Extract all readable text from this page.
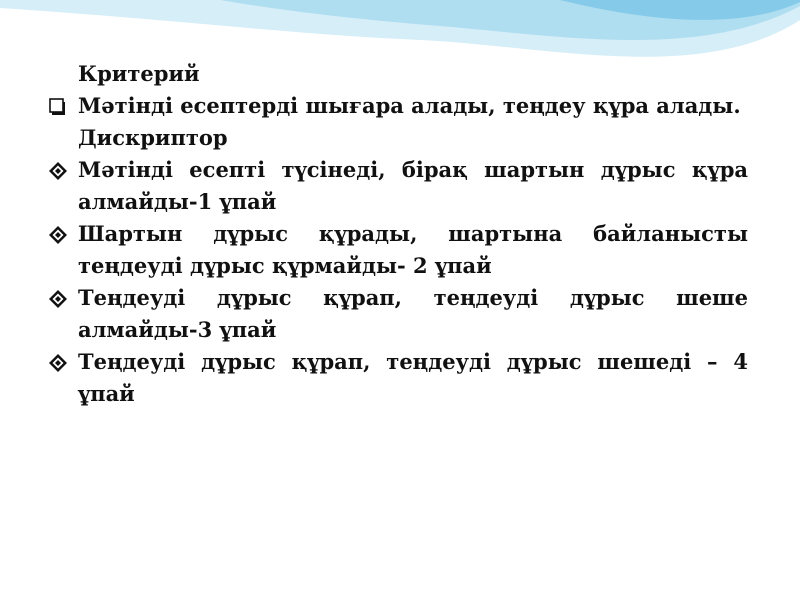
Критерий

Мәтінді есептерді шығара алады, теңдеу құра алады.

Дискриптор

Мәтінді есепті түсінеді, бірақ шартын дұрыс құра алмайды-1 ұпай
Шартын дұрыс құрады, шартына байланысты теңдеуді дұрыс құрмайды- 2 ұпай
Теңдеуді дұрыс құрап, теңдеуді дұрыс шеше алмайды-3 ұпай
Теңдеуді дұрыс құрап, теңдеуді дұрыс шешеді – 4 ұпай
